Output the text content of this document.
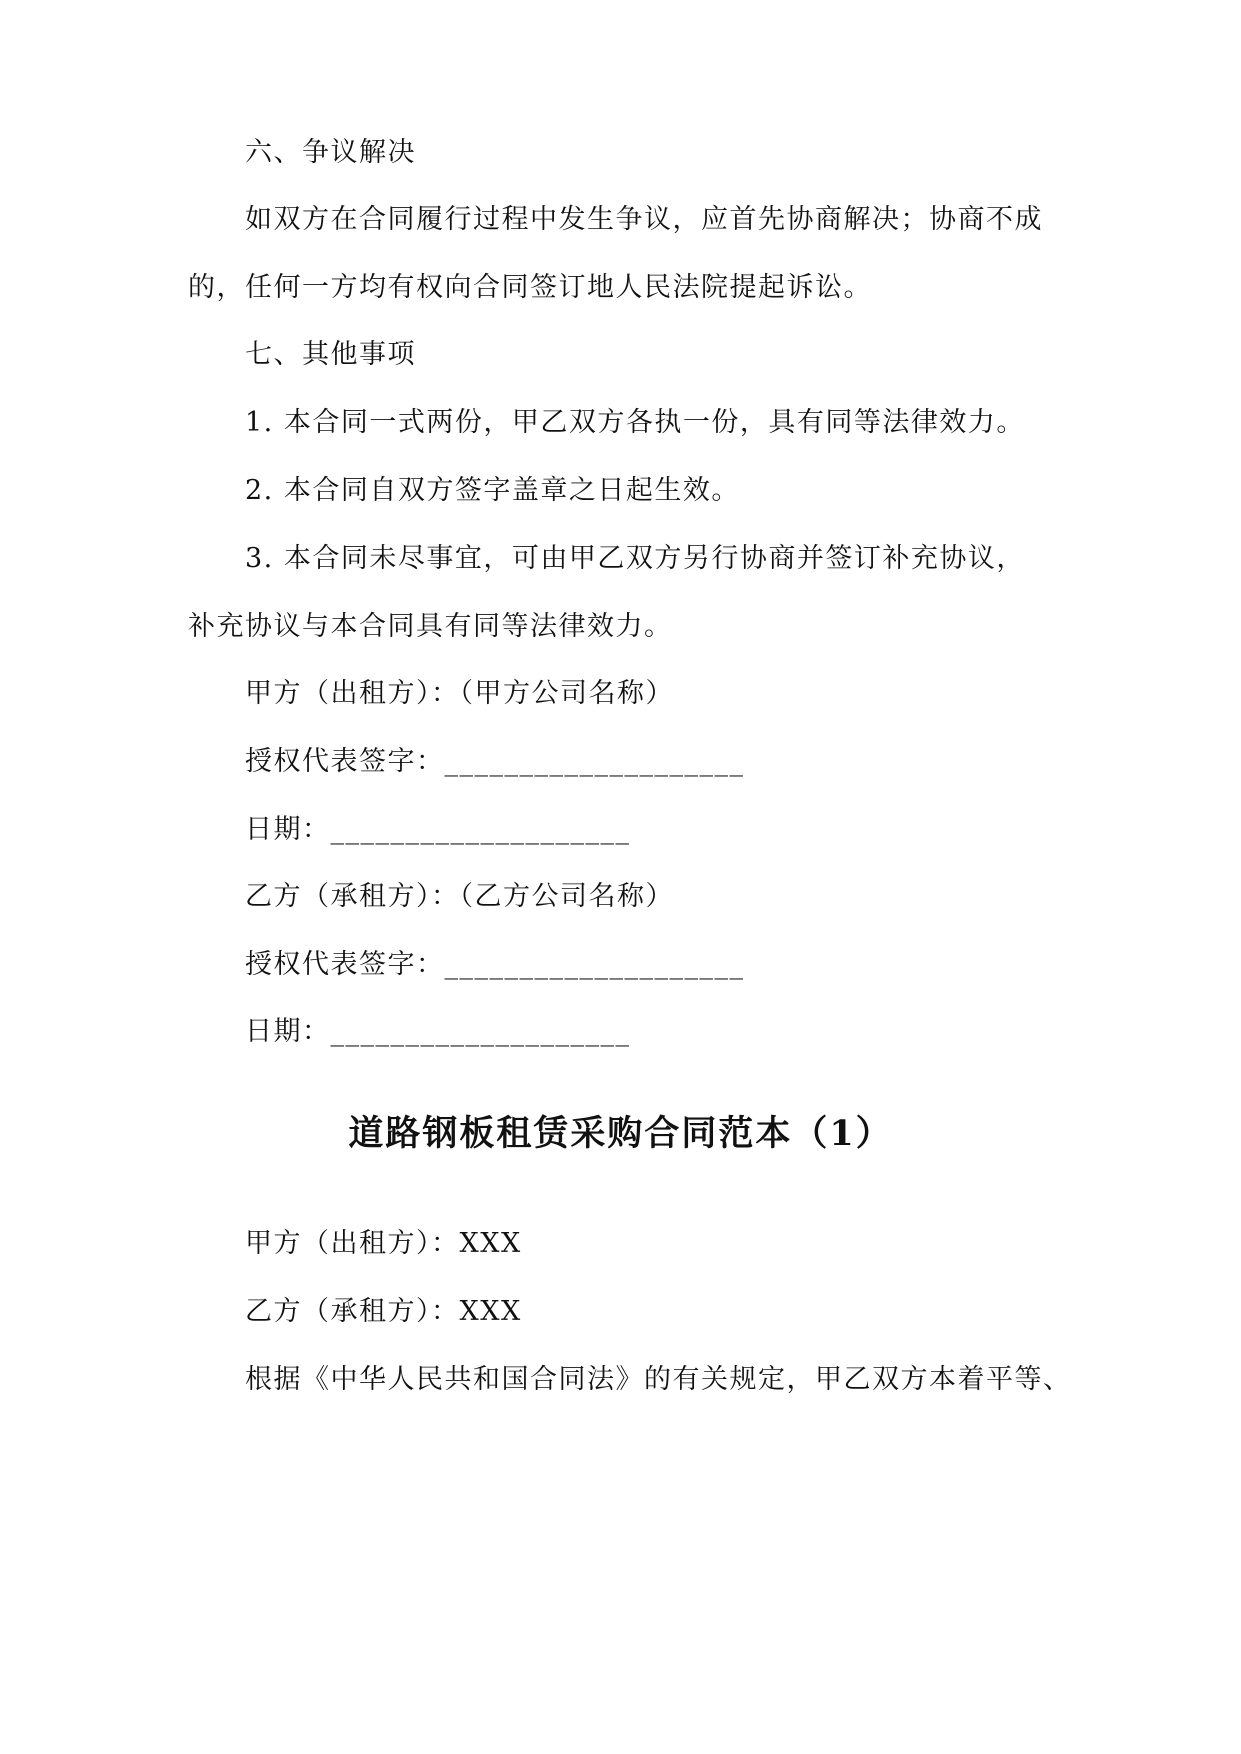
六、争议解决
如双方在合同履行过程中发生争议，应首先协商解决；协商不成
的，任何一方均有权向合同签订地人民法院提起诉讼。
七、其他事项
1. 本合同一式两份，甲乙双方各执一份，具有同等法律效力。
2. 本合同自双方签字盖章之日起生效。
3. 本合同未尽事宜，可由甲乙双方另行协商并签订补充协议，
补充协议与本合同具有同等法律效力。
甲方（出租方）：（甲方公司名称）
授权代表签字：____________________
日期：____________________
乙方（承租方）：（乙方公司名称）
授权代表签字：____________________
日期：____________________
道路钢板租赁采购合同范本（1）
甲方（出租方）：XXX
乙方（承租方）：XXX
根据《中华人民共和国合同法》的有关规定，甲乙双方本着平等、
